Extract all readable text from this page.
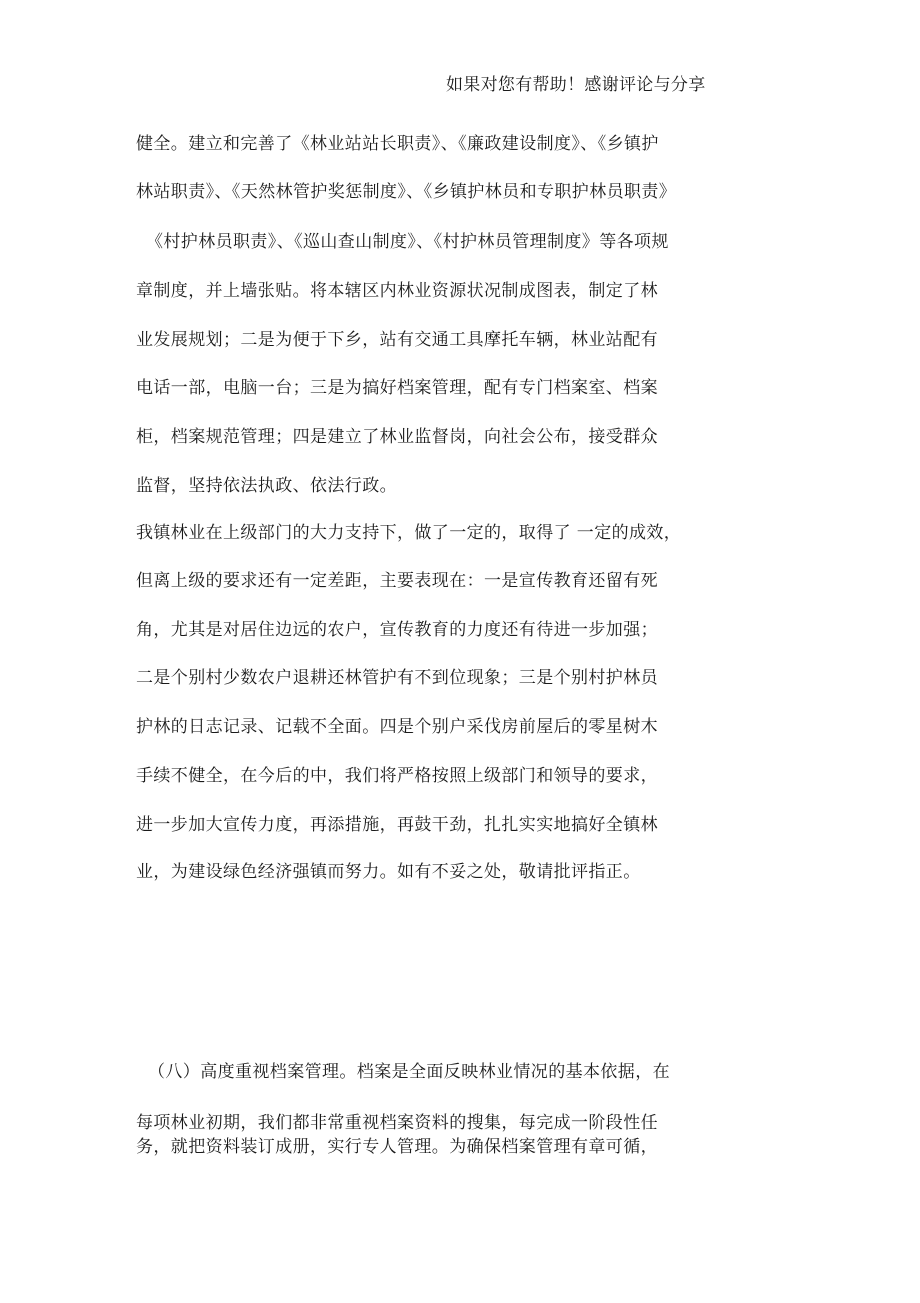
如果对您有帮助！感谢评论与分享
健全。建立和完善了《林业站站长职责》、《廉政建设制度》、《乡镇护
林站职责》、《天然林管护奖惩制度》、《乡镇护林员和专职护林员职责》
《村护林员职责》、《巡山查山制度》、《村护林员管理制度》等各项规
章制度，并上墙张贴。将本辖区内林业资源状况制成图表，制定了林
业发展规划；二是为便于下乡，站有交通工具摩托车辆，林业站配有
电话一部，电脑一台；三是为搞好档案管理，配有专门档案室、档案
柜，档案规范管理；四是建立了林业监督岗，向社会公布，接受群众
监督，坚持依法执政、依法行政。
我镇林业在上级部门的大力支持下，做了一定的，取得了 一定的成效，
但离上级的要求还有一定差距，主要表现在：一是宣传教育还留有死
角，尤其是对居住边远的农户，宣传教育的力度还有待进一步加强；
二是个别村少数农户退耕还林管护有不到位现象；三是个别村护林员
护林的日志记录、记载不全面。四是个别户采伐房前屋后的零星树木
手续不健全，在今后的中，我们将严格按照上级部门和领导的要求，
进一步加大宣传力度，再添措施，再鼓干劲，扎扎实实地搞好全镇林
业，为建设绿色经济强镇而努力。如有不妥之处，敬请批评指正。
（八）高度重视档案管理。档案是全面反映林业情况的基本依据，在
每项林业初期，我们都非常重视档案资料的搜集，每完成一阶段性任
务，就把资料装订成册，实行专人管理。为确保档案管理有章可循，
